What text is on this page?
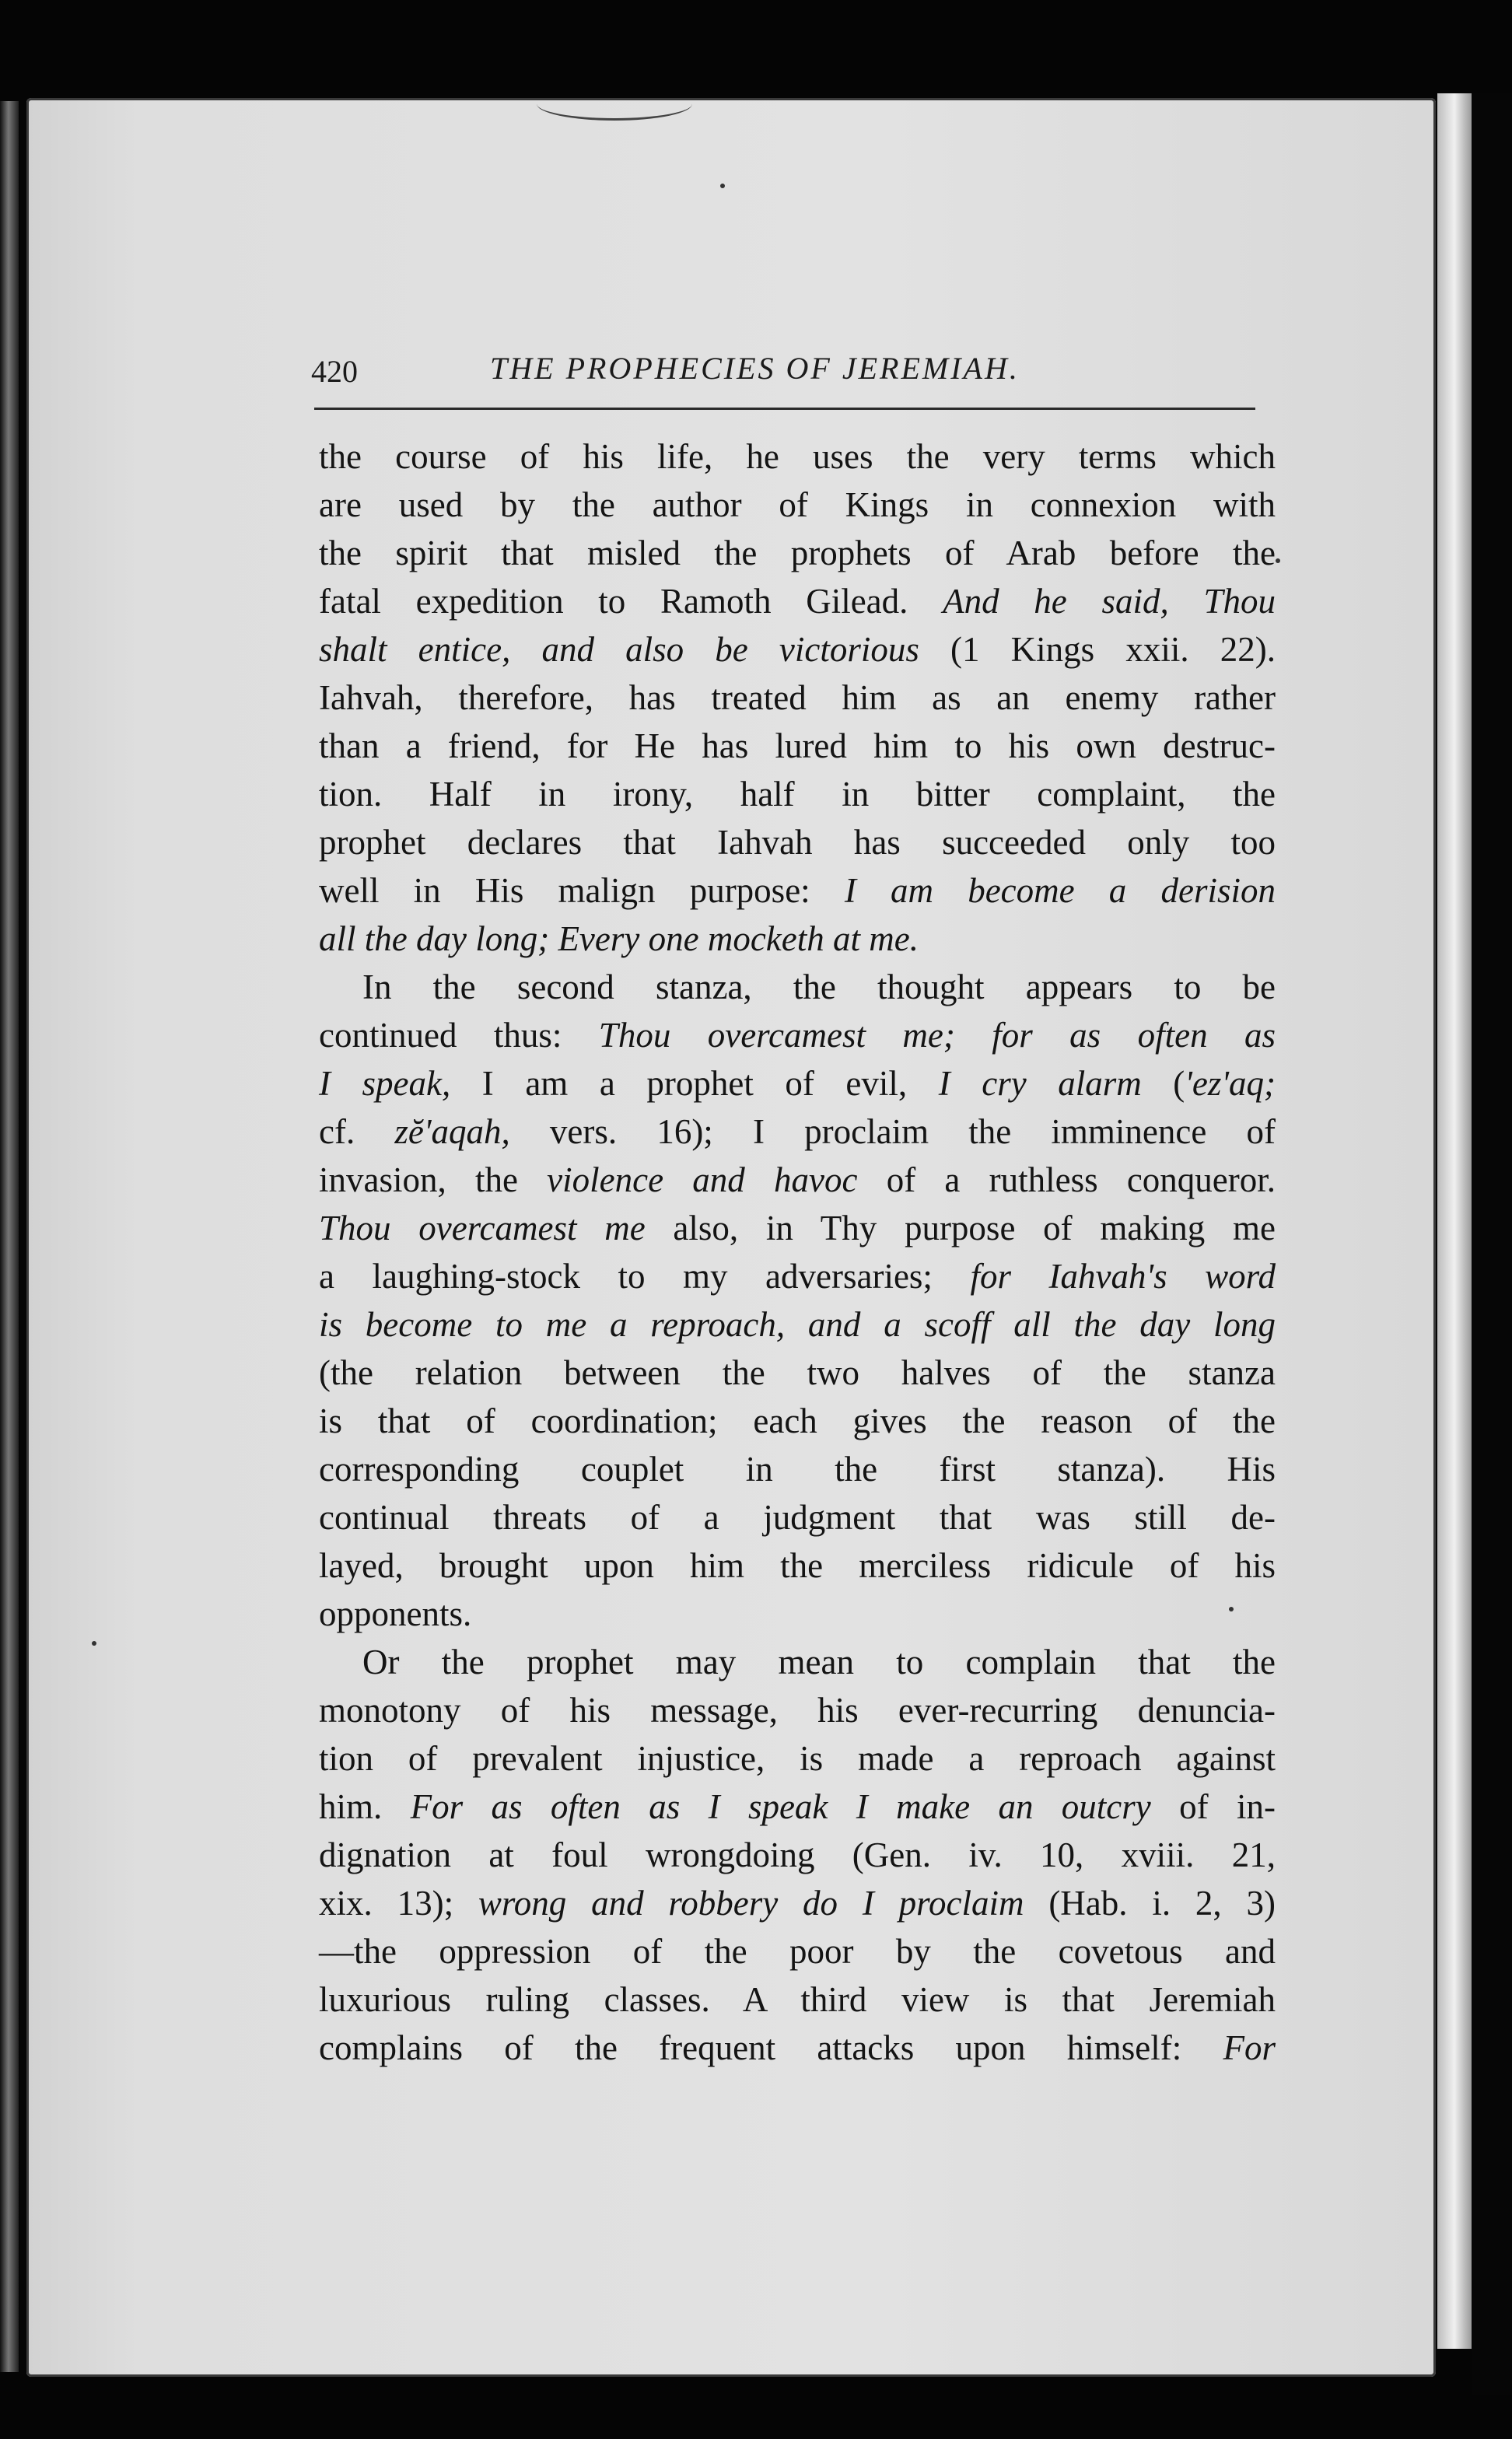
420	THE PROPHECIES OF JEREMIAH.
the course of his life, he uses the very terms which
are used by the author of Kings in connexion with
the spirit that misled the prophets of Arab before the
fatal expedition to Ramoth Gilead. And he said, Thou
shalt entice, and also be victorious (1 Kings xxii. 22).
Iahvah, therefore, has treated him as an enemy rather
than a friend, for He has lured him to his own destruc-
tion. Half in irony, half in bitter complaint, the
prophet declares that Iahvah has succeeded only too
well in His malign purpose: I am become a derision
all the day long; Every one mocketh at me.
In the second stanza, the thought appears to be
continued thus: Thou overcamest me; for as often as
I speak, I am a prophet of evil, I cry alarm ('ez'aq;
cf. zĕ'aqah, vers. 16); I proclaim the imminence of
invasion, the violence and havoc of a ruthless conqueror.
Thou overcamest me also, in Thy purpose of making me
a laughing-stock to my adversaries; for Iahvah's word
is become to me a reproach, and a scoff all the day long
(the relation between the two halves of the stanza
is that of coordination; each gives the reason of the
corresponding couplet in the first stanza). His
continual threats of a judgment that was still de-
layed, brought upon him the merciless ridicule of his
opponents.
Or the prophet may mean to complain that the
monotony of his message, his ever-recurring denuncia-
tion of prevalent injustice, is made a reproach against
him. For as often as I speak I make an outcry of in-
dignation at foul wrongdoing (Gen. iv. 10, xviii. 21,
xix. 13); wrong and robbery do I proclaim (Hab. i. 2, 3)
—the oppression of the poor by the covetous and
luxurious ruling classes. A third view is that Jeremiah
complains of the frequent attacks upon himself: For
